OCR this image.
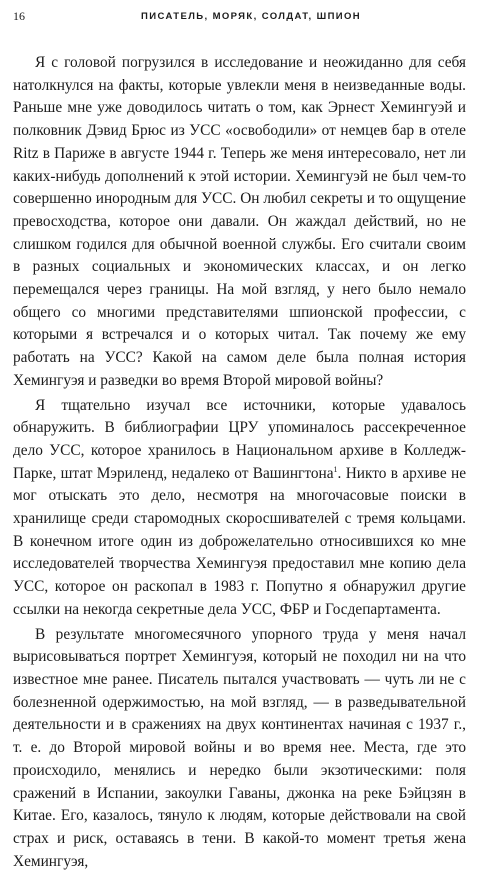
16	ПИСАТЕЛЬ, МОРЯК, СОЛДАТ, ШПИОН

Я с головой погрузился в исследование и неожиданно для себя натолкнулся на факты, которые увлекли меня в неизведанные воды. Раньше мне уже доводилось читать о том, как Эрнест Хемингуэй и полковник Дэвид Брюс из УСС «освободили» от немцев бар в отеле Ritz в Париже в августе 1944 г. Теперь же меня интересовало, нет ли каких-нибудь дополнений к этой истории. Хемингуэй не был чем-то совершенно инородным для УСС. Он любил секреты и то ощущение превосходства, которое они давали. Он жаждал действий, но не слишком годился для обычной военной службы. Его считали своим в разных социальных и экономических классах, и он легко перемещался через границы. На мой взгляд, у него было немало общего со многими представителями шпионской профессии, с которыми я встречался и о которых читал. Так почему же ему работать на УСС? Какой на самом деле была полная история Хемингуэя и разведки во время Второй мировой войны?

Я тщательно изучал все источники, которые удавалось обнаружить. В библиографии ЦРУ упоминалось рассекреченное дело УСС, которое хранилось в Национальном архиве в Колледж-Парке, штат Мэриленд, недалеко от Вашингтона$^1$. Никто в архиве не мог отыскать это дело, несмотря на многочасовые поиски в хранилище среди старомодных скоросшивателей с тремя кольцами. В конечном итоге один из доброжелательно относившихся ко мне исследователей творчества Хемингуэя предоставил мне копию дела УСС, которое он раскопал в 1983 г. Попутно я обнаружил другие ссылки на некогда секретные дела УСС, ФБР и Госдепартамента.

В результате многомесячного упорного труда у меня начал вырисовываться портрет Хемингуэя, который не походил ни на что известное мне ранее. Писатель пытался участвовать — чуть ли не с болезненной одержимостью, на мой взгляд, — в разведывательной деятельности и в сражениях на двух континентах начиная с 1937 г., т. е. до Второй мировой войны и во время нее. Места, где это происходило, менялись и нередко были экзотическими: поля сражений в Испании, закоулки Гаваны, джонка на реке Бэйцзян в Китае. Его, казалось, тянуло к людям, которые действовали на свой страх и риск, оставаясь в тени. В какой-то момент третья жена Хемингуэя,
